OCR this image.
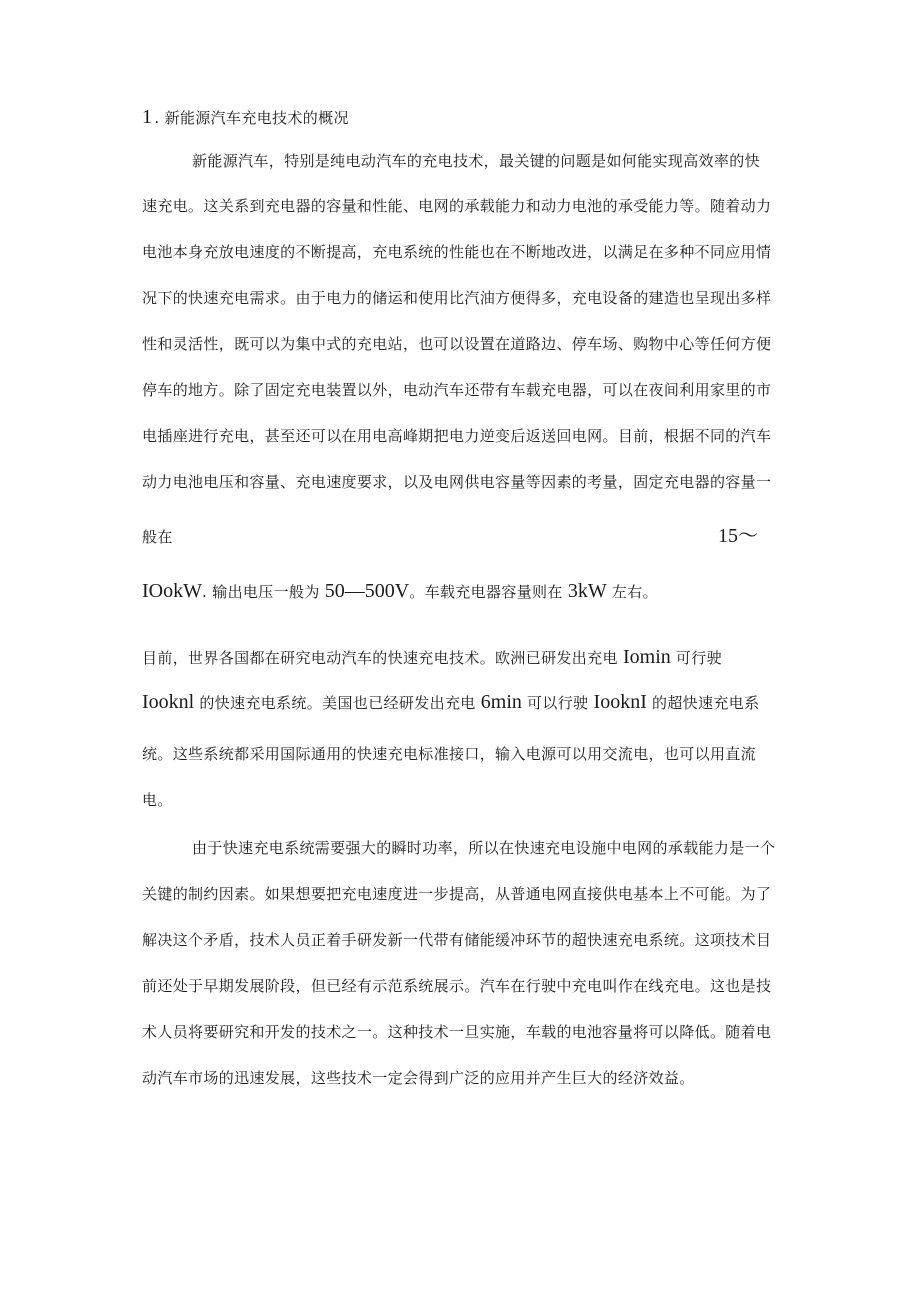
1 . 新能源汽车充电技术的概况
新能源汽车，特别是纯电动汽车的充电技术，最关键的问题是如何能实现高效率的快
速充电。这关系到充电器的容量和性能、电网的承载能力和动力电池的承受能力等。随着动力
电池本身充放电速度的不断提高，充电系统的性能也在不断地改进，以满足在多种不同应用情
况下的快速充电需求。由于电力的储运和使用比汽油方便得多，充电设备的建造也呈现出多样
性和灵活性，既可以为集中式的充电站，也可以设置在道路边、停车场、购物中心等任何方便
停车的地方。除了固定充电装置以外，电动汽车还带有车载充电器，可以在夜间利用家里的市
电插座进行充电，甚至还可以在用电高峰期把电力逆变后返送回电网。目前，根据不同的汽车
动力电池电压和容量、充电速度要求，以及电网供电容量等因素的考量，固定充电器的容量一
般在	15～
IOokW. 输出电压一般为 50—500V。车载充电器容量则在 3kW 左右。
目前，世界各国都在研究电动汽车的快速充电技术。欧洲已研发出充电 Iomin 可行驶
Iooknl 的快速充电系统。美国也已经研发出充电 6min 可以行驶 IooknI 的超快速充电系
统。这些系统都采用国际通用的快速充电标准接口，输入电源可以用交流电，也可以用直流
电。
由于快速充电系统需要强大的瞬时功率，所以在快速充电设施中电网的承载能力是一个
关键的制约因素。如果想要把充电速度进一步提高，从普通电网直接供电基本上不可能。为了
解决这个矛盾，技术人员正着手研发新一代带有储能缓冲环节的超快速充电系统。这项技术目
前还处于早期发展阶段，但已经有示范系统展示。汽车在行驶中充电叫作在线充电。这也是技
术人员将要研究和开发的技术之一。这种技术一旦实施，车载的电池容量将可以降低。随着电
动汽车市场的迅速发展，这些技术一定会得到广泛的应用并产生巨大的经济效益。
